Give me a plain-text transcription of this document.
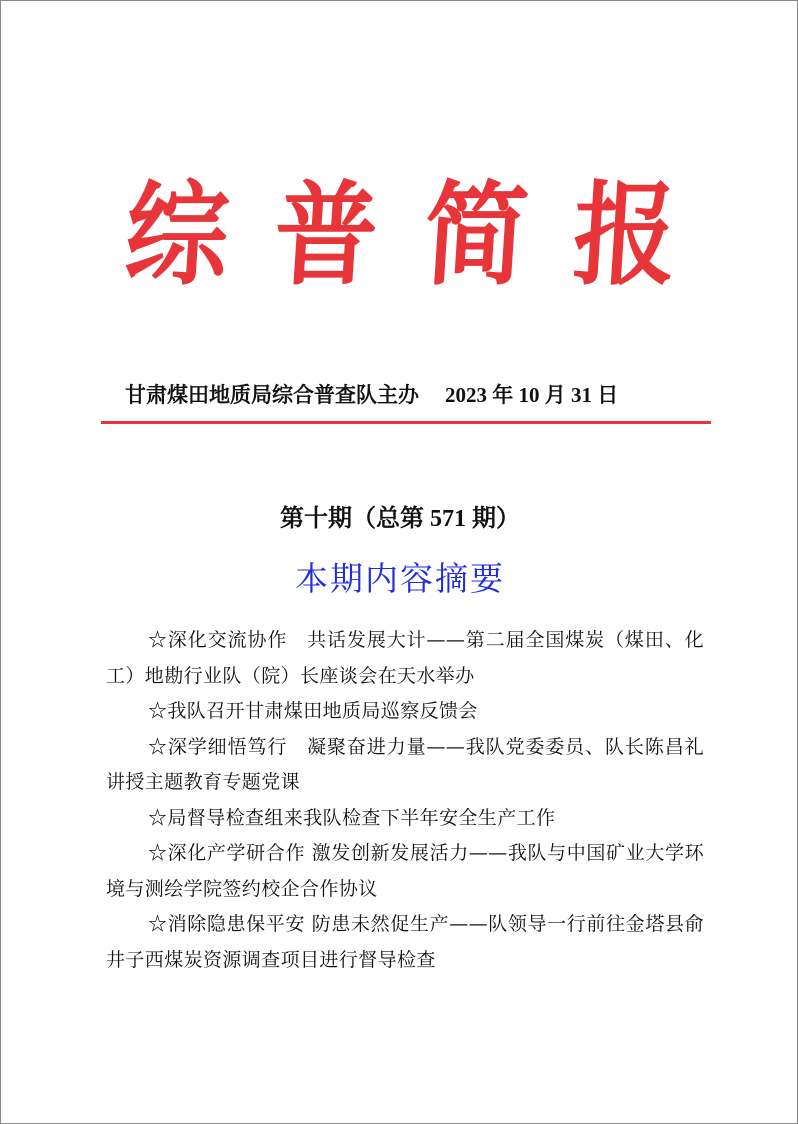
综 普 简 报
甘肃煤田地质局综合普查队主办 2023 年 10 月 31 日
第十期（总第 571 期）
本期内容摘要
☆深化交流协作　共话发展大计——第二届全国煤炭（煤田、化工）地勘行业队（院）长座谈会在天水举办
☆我队召开甘肃煤田地质局巡察反馈会
☆深学细悟笃行　凝聚奋进力量——我队党委委员、队长陈昌礼讲授主题教育专题党课
☆局督导检查组来我队检查下半年安全生产工作
☆深化产学研合作 激发创新发展活力——我队与中国矿业大学环境与测绘学院签约校企合作协议
☆消除隐患保平安 防患未然促生产——队领导一行前往金塔县俞井子西煤炭资源调查项目进行督导检查
